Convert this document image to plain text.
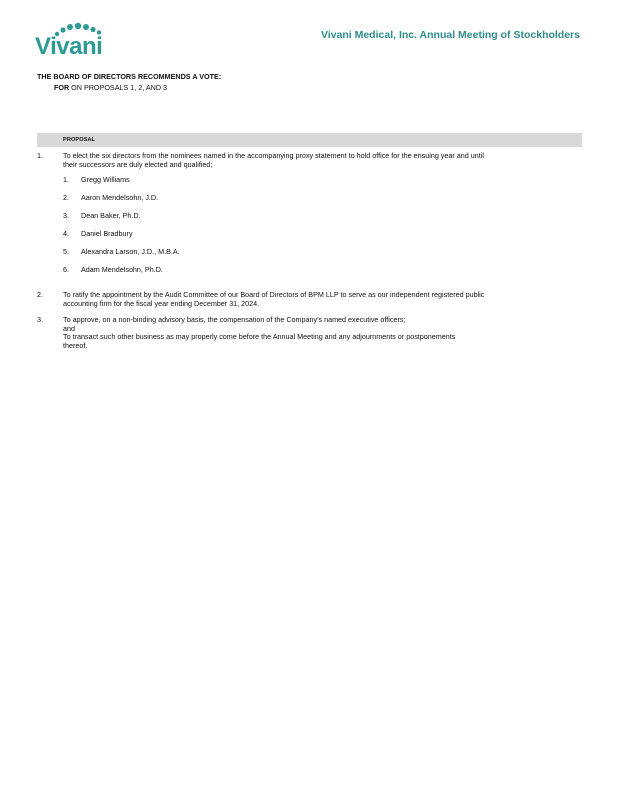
Vivani	Vivani Medical, Inc. Annual Meeting of Stockholders
THE BOARD OF DIRECTORS RECOMMENDS A VOTE:
FOR ON PROPOSALS 1, 2, AND 3
PROPOSAL
1.	To elect the six directors from the nominees named in the accompanying proxy statement to hold office for the ensuing year and until
their successors are duly elected and qualified;
1. Gregg Williams
2. Aaron Mendelsohn, J.D.
3. Dean Baker, Ph.D.
4. Daniel Bradbury
5. Alexandra Larson, J.D., M.B.A.
6. Adam Mendelsohn, Ph.D.
2.	To ratify the appointment by the Audit Committee of our Board of Directors of BPM LLP to serve as our independent registered public
accounting firm for the fiscal year ending December 31, 2024.
3.	To approve, on a non-binding advisory basis, the compensation of the Company's named executive officers;
and
To transact such other business as may properly come before the Annual Meeting and any adjournments or postponements
thereof.
